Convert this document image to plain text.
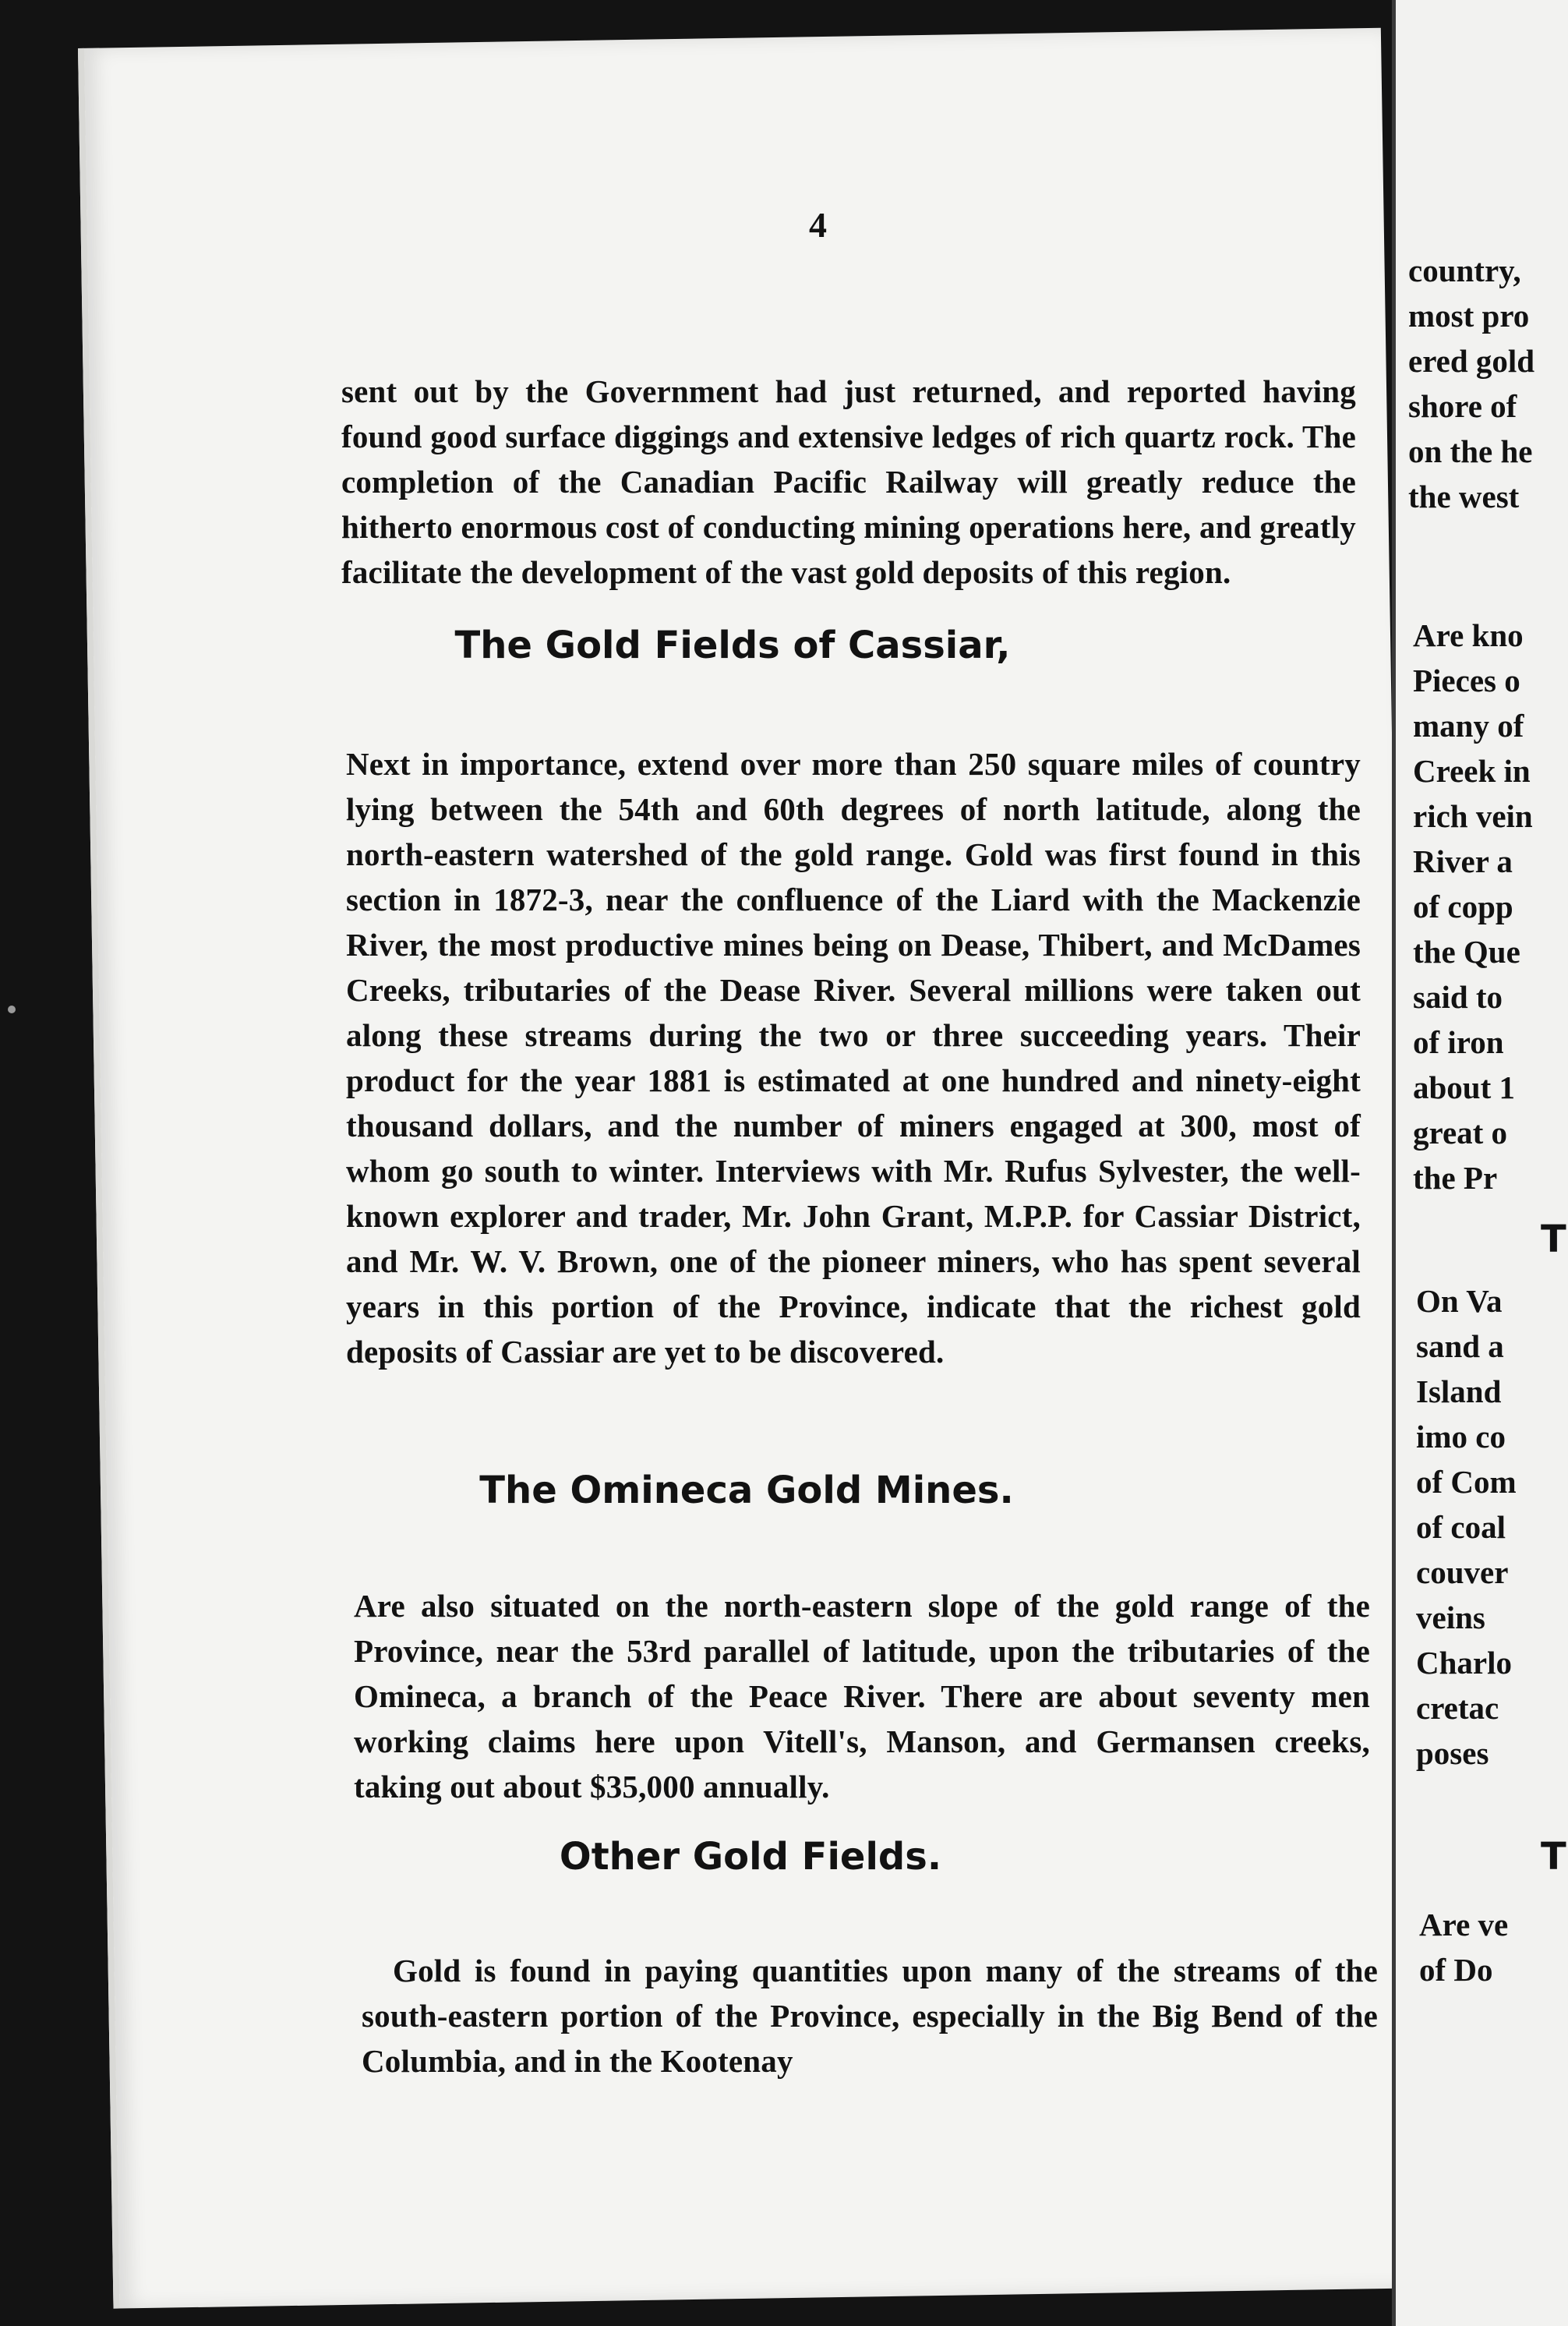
4

sent out by the Government had just returned, and reported having found good surface diggings and extensive ledges of rich quartz rock. The completion of the Canadian Pacific Railway will greatly reduce the hitherto enormous cost of conducting mining operations here, and greatly facilitate the development of the vast gold deposits of this region.

The Gold Fields of Cassiar,

Next in importance, extend over more than 250 square miles of country lying between the 54th and 60th degrees of north latitude, along the north-eastern watershed of the gold range. Gold was first found in this section in 1872-3, near the confluence of the Liard with the Mackenzie River, the most productive mines being on Dease, Thibert, and McDames Creeks, tributaries of the Dease River. Several millions were taken out along these streams during the two or three succeeding years. Their product for the year 1881 is estimated at one hundred and ninety-eight thousand dollars, and the number of miners engaged at 300, most of whom go south to winter. Interviews with Mr. Rufus Sylvester, the well-known explorer and trader, Mr. John Grant, M.P.P. for Cassiar District, and Mr. W. V. Brown, one of the pioneer miners, who has spent several years in this portion of the Province, indicate that the richest gold deposits of Cassiar are yet to be discovered.

The Omineca Gold Mines.

Are also situated on the north-eastern slope of the gold range of the Province, near the 53rd parallel of latitude, upon the tributaries of the Omineca, a branch of the Peace River. There are about seventy men working claims here upon Vitell's, Manson, and Germansen creeks, taking out about $35,000 annually.

Other Gold Fields.

Gold is found in paying quantities upon many of the streams of the south-eastern portion of the Province, especially in the Big Bend of the Columbia, and in the Kootenay

country,
most pro
ered gold
shore of
on the he
the west
Are kno
Pieces o
many of
Creek in
rich vein
River a
of copp
the Que
said to
of iron
about 1
great o
the Pr
T
On Va
sand a
Island
imo co
of Com
of coal
couver
veins
Charlo
cretac
poses
T
Are ve
of Do
